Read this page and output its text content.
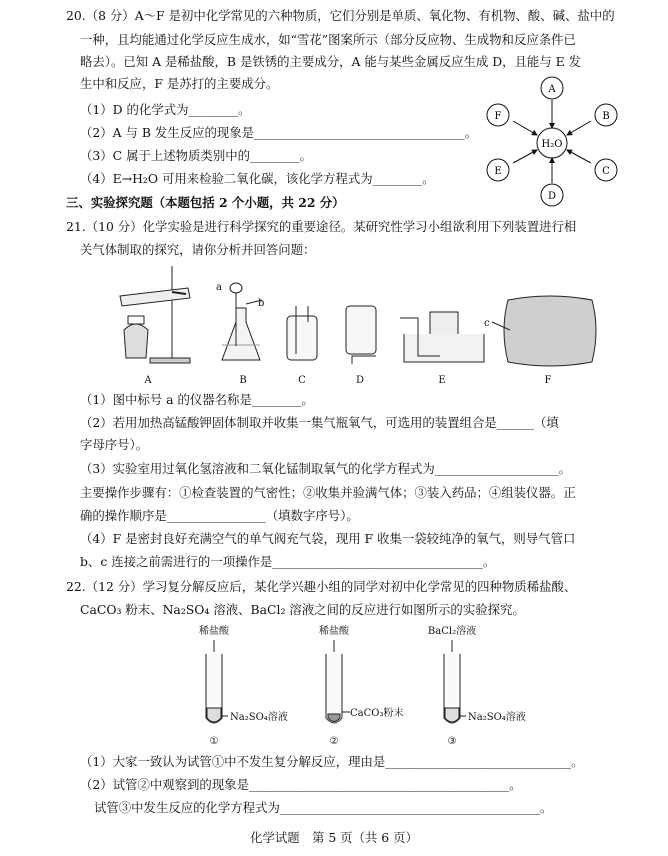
20.（8 分）A～F 是初中化学常见的六种物质，它们分别是单质、氧化物、有机物、酸、碱、盐中的
一种，且均能通过化学反应生成水，如“雪花”图案所示（部分反应物、生成物和反应条件已
略去）。已知 A 是稀盐酸，B 是铁锈的主要成分，A 能与某些金属反应生成 D，且能与 E 发
生中和反应，F 是苏打的主要成分。
（1）D 的化学式为________。
（2）A 与 B 发生反应的现象是__________________________________。
（3）C 属于上述物质类别中的________。
（4）E→H₂O 可用来检验二氧化碳，该化学方程式为________。
H₂O
A
B
C
D
E
F
三、实验探究题（本题包括 2 个小题，共 22 分）
21.（10 分）化学实验是进行科学探究的重要途径。某研究性学习小组欲利用下列装置进行相
关气体制取的探究，请你分析并回答问题：
A
a
b
B	C	D	E
c
F
（1）图中标号 a 的仪器名称是________。
（2）若用加热高锰酸钾固体制取并收集一集气瓶氧气，可选用的装置组合是______（填
字母序号）。
（3）实验室用过氧化氢溶液和二氧化锰制取氧气的化学方程式为____________________。
主要操作步骤有：①检查装置的气密性；②收集并验满气体；③装入药品；④组装仪器。正
确的操作顺序是________________（填数字序号）。
（4）F 是密封良好充满空气的单气阀充气袋，现用 F 收集一袋较纯净的氧气，则导气管口
b、c 连接之前需进行的一项操作是__________________________________。
22.（12 分）学习复分解反应后，某化学兴趣小组的同学对初中化学常见的四种物质稀盐酸、
CaCO₃ 粉末、Na₂SO₄ 溶液、BaCl₂ 溶液之间的反应进行如图所示的实验探究。
稀盐酸
Na₂SO₄溶液
①
稀盐酸
CaCO₃粉末
②
BaCl₂溶液
Na₂SO₄溶液
③
（1）大家一致认为试管①中不发生复分解反应，理由是______________________________。
（2）试管②中观察到的现象是__________________________________________。
试管③中发生反应的化学方程式为__________________________________________。
化学试题　第 5 页（共 6 页）
